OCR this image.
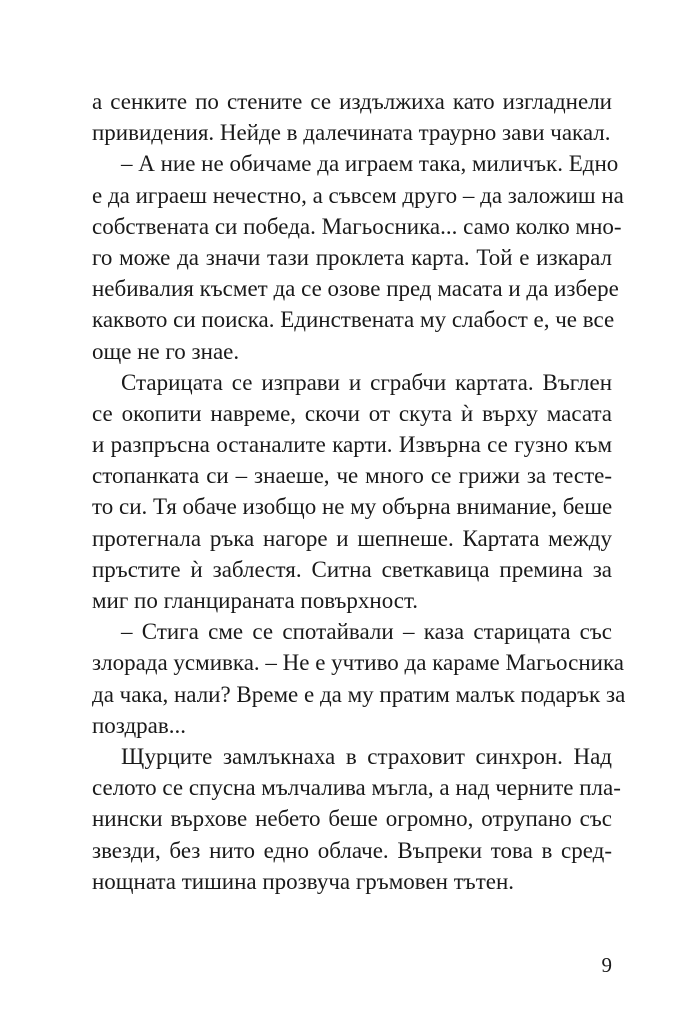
а сенките по стените се издължиха като изгладнели
привидения. Нейде в далечината траурно зави чакал.
– А ние не обичаме да играем така, миличък. Едно
е да играеш нечестно, а съвсем друго – да заложиш на
собствената си победа. Магьосника... само колко мно-
го може да значи тази проклета карта. Той е изкарал
небивалия късмет да се озове пред масата и да избере
каквото си поиска. Единствената му слабост е, че все
още не го знае.
Старицата се изправи и сграбчи картата. Въглен
се окопити навреме, скочи от скута ѝ върху масата
и разпръсна останалите карти. Извърна се гузно към
стопанката си – знаеше, че много се грижи за тесте-
то си. Тя обаче изобщо не му обърна внимание, беше
протегнала ръка нагоре и шепнеше. Картата между
пръстите ѝ заблестя. Ситна светкавица премина за
миг по гланцираната повърхност.
– Стига сме се спотайвали – каза старицата със
злорада усмивка. – Не е учтиво да караме Магьосника
да чака, нали? Време е да му пратим малък подарък за
поздрав...
Щурците замлъкнаха в страховит синхрон. Над
селото се спусна мълчалива мъгла, а над черните пла-
нински върхове небето беше огромно, отрупано със
звезди, без нито едно облаче. Въпреки това в сред-
нощната тишина прозвуча гръмовен тътен.
9
